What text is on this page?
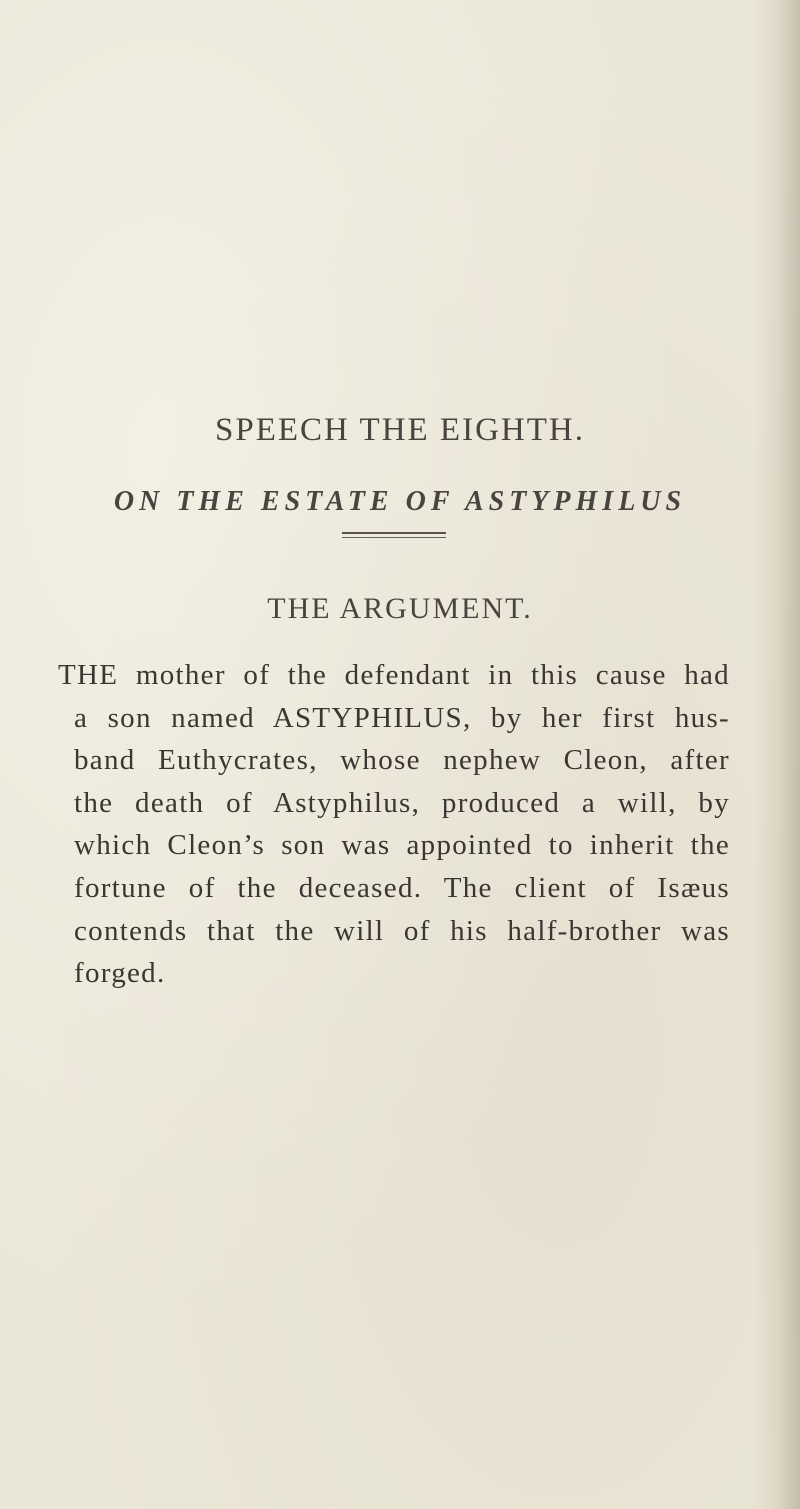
SPEECH THE EIGHTH.
ON THE ESTATE OF ASTYPHILUS
THE ARGUMENT.

THE mother of the defendant in this cause had
a son named ASTYPHILUS, by her first hus-
band Euthycrates, whose nephew Cleon, after
the death of Astyphilus, produced a will, by
which Cleon’s son was appointed to inherit the
fortune of the deceased. The client of Isæus
contends that the will of his half-brother was
forged.
